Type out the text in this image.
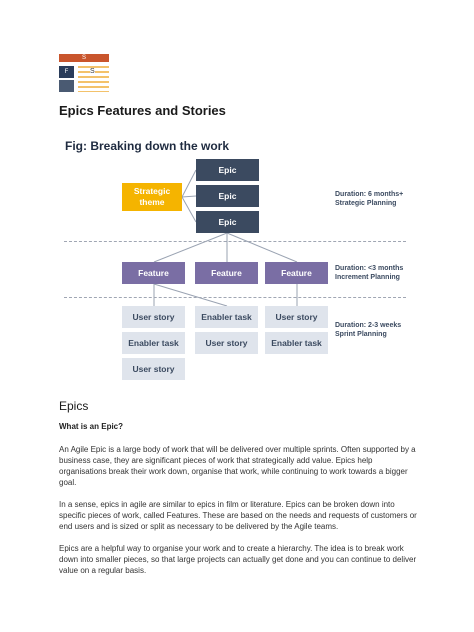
S
F	S
Epics Features and Stories
Fig: Breaking down the work
Epic
Epic
Epic
Strategic theme
Duration: 6 months+
Strategic Planning
Feature	Feature	Feature	Duration: <3 months
Increment Planning
User story
Enabler task
User story
Enabler task
User story
User story
Enabler task
Duration: 2-3 weeks
Sprint Planning
Epics
What is an Epic?

An Agile Epic is a large body of work that will be delivered over multiple sprints. Often supported by a business case, they are significant pieces of work that strategically add value. Epics help organisations break their work down, organise that work, while continuing to work towards a bigger goal.

In a sense, epics in agile are similar to epics in film or literature. Epics can be broken down into specific pieces of work, called Features. These are based on the needs and requests of customers or end users and is sized or split as necessary to be delivered by the Agile teams.

Epics are a helpful way to organise your work and to create a hierarchy. The idea is to break work down into smaller pieces, so that large projects can actually get done and you can continue to deliver value on a regular basis.
